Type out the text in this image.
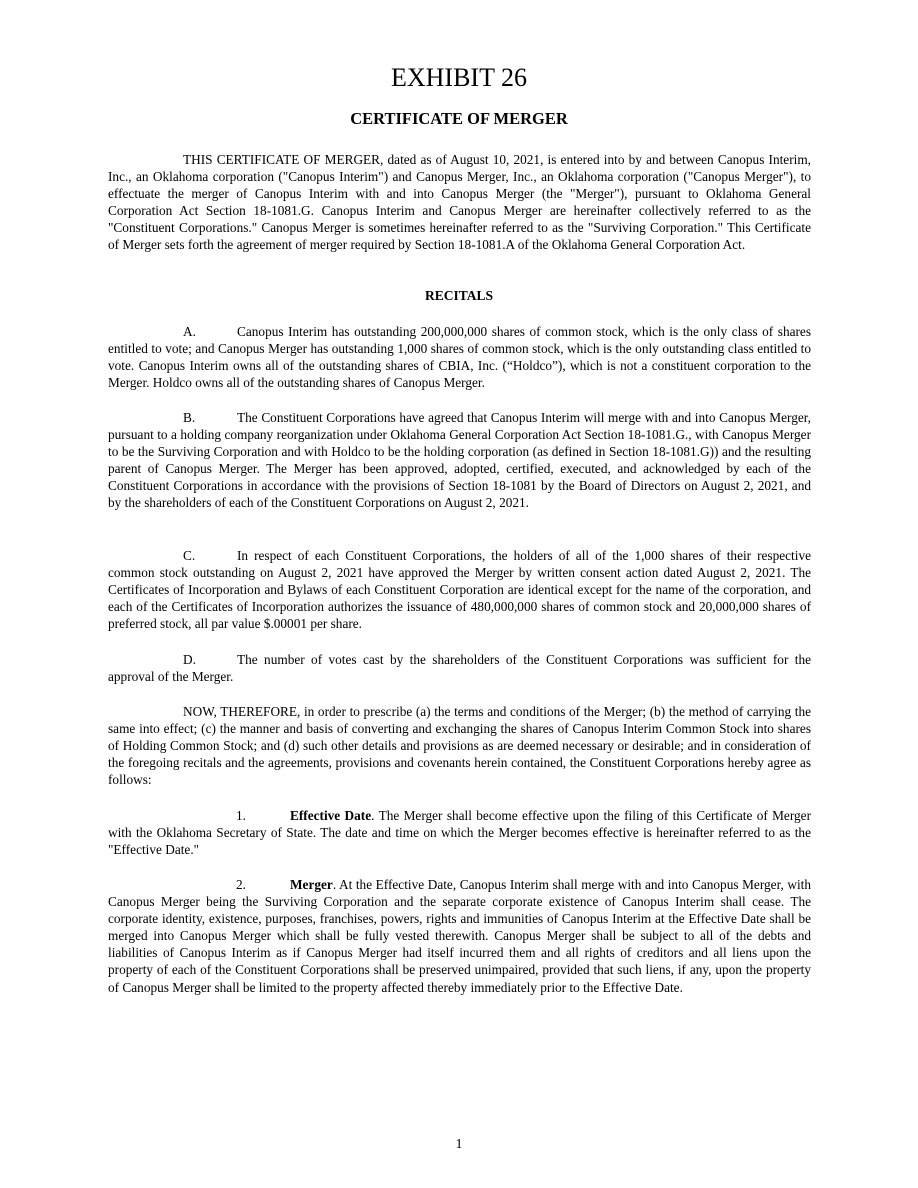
EXHIBIT 26
CERTIFICATE OF MERGER

THIS CERTIFICATE OF MERGER, dated as of August 10, 2021, is entered into by and between Canopus Interim, Inc., an Oklahoma corporation ("Canopus Interim") and Canopus Merger, Inc., an Oklahoma corporation ("Canopus Merger"), to effectuate the merger of Canopus Interim with and into Canopus Merger (the "Merger"), pursuant to Oklahoma General Corporation Act Section 18-1081.G. Canopus Interim and Canopus Merger are hereinafter collectively referred to as the "Constituent Corporations." Canopus Merger is sometimes hereinafter referred to as the "Surviving Corporation." This Certificate of Merger sets forth the agreement of merger required by Section 18-1081.A of the Oklahoma General Corporation Act.

RECITALS

A.	Canopus Interim has outstanding 200,000,000 shares of common stock, which is the only class of shares entitled to vote; and Canopus Merger has outstanding 1,000 shares of common stock, which is the only outstanding class entitled to vote. Canopus Interim owns all of the outstanding shares of CBIA, Inc. (“Holdco”), which is not a constituent corporation to the Merger. Holdco owns all of the outstanding shares of Canopus Merger.

B.	The Constituent Corporations have agreed that Canopus Interim will merge with and into Canopus Merger, pursuant to a holding company reorganization under Oklahoma General Corporation Act Section 18-1081.G., with Canopus Merger to be the Surviving Corporation and with Holdco to be the holding corporation (as defined in Section 18-1081.G)) and the resulting parent of Canopus Merger. The Merger has been approved, adopted, certified, executed, and acknowledged by each of the Constituent Corporations in accordance with the provisions of Section 18-1081 by the Board of Directors on August 2, 2021, and by the shareholders of each of the Constituent Corporations on August 2, 2021.

C.	In respect of each Constituent Corporations, the holders of all of the 1,000 shares of their respective common stock outstanding on August 2, 2021 have approved the Merger by written consent action dated August 2, 2021. The Certificates of Incorporation and Bylaws of each Constituent Corporation are identical except for the name of the corporation, and each of the Certificates of Incorporation authorizes the issuance of 480,000,000 shares of common stock and 20,000,000 shares of preferred stock, all par value $.00001 per share.

D.	The number of votes cast by the shareholders of the Constituent Corporations was sufficient for the approval of the Merger.

NOW, THEREFORE, in order to prescribe (a) the terms and conditions of the Merger; (b) the method of carrying the same into effect; (c) the manner and basis of converting and exchanging the shares of Canopus Interim Common Stock into shares of Holding Common Stock; and (d) such other details and provisions as are deemed necessary or desirable; and in consideration of the foregoing recitals and the agreements, provisions and covenants herein contained, the Constituent Corporations hereby agree as follows:

1.	Effective Date. The Merger shall become effective upon the filing of this Certificate of Merger with the Oklahoma Secretary of State. The date and time on which the Merger becomes effective is hereinafter referred to as the "Effective Date."

2.	Merger. At the Effective Date, Canopus Interim shall merge with and into Canopus Merger, with Canopus Merger being the Surviving Corporation and the separate corporate existence of Canopus Interim shall cease. The corporate identity, existence, purposes, franchises, powers, rights and immunities of Canopus Interim at the Effective Date shall be merged into Canopus Merger which shall be fully vested therewith. Canopus Merger shall be subject to all of the debts and liabilities of Canopus Interim as if Canopus Merger had itself incurred them and all rights of creditors and all liens upon the property of each of the Constituent Corporations shall be preserved unimpaired, provided that such liens, if any, upon the property of Canopus Merger shall be limited to the property affected thereby immediately prior to the Effective Date.

1
